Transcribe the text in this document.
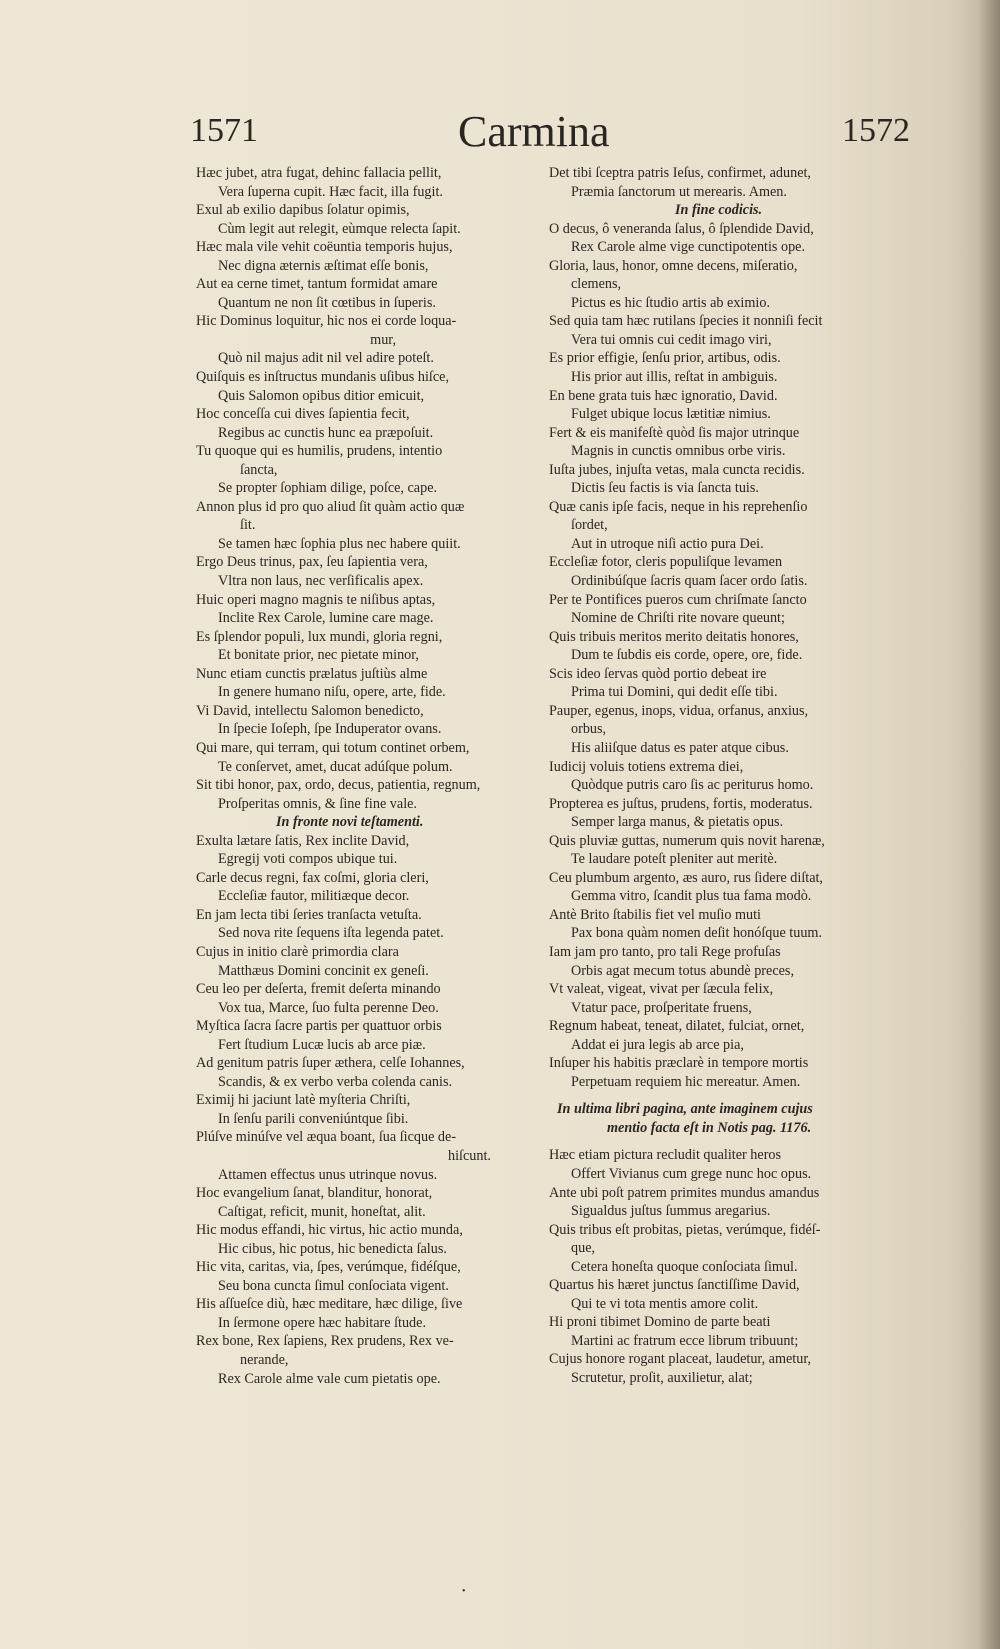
1571	Carmina	1572
Hæc jubet, atra fugat, dehinc fallacia pellit,
Vera ſuperna cupit. Hæc facit, illa fugit.
Exul ab exilio dapibus ſolatur opimis,
Cùm legit aut relegit, eùmque relecta ſapit.
Hæc mala vile vehit coëuntia temporis hujus,
Nec digna æternis æſtimat eſſe bonis,
Aut ea cerne timet, tantum formidat amare
Quantum ne non ſit cœtibus in ſuperis.
Hic Dominus loquitur, hic nos ei corde loqua-
mur,
Quò nil majus adit nil vel adire poteſt.
Quiſquis es inſtructus mundanis uſibus hiſce,
Quis Salomon opibus ditior emicuit,
Hoc conceſſa cui dives ſapientia fecit,
Regibus ac cunctis hunc ea præpoſuit.
Tu quoque qui es humilis, prudens, intentio
ſancta,
Se propter ſophiam dilige, poſce, cape.
Annon plus id pro quo aliud ſit quàm actio quæ
ſit.
Se tamen hæc ſophia plus nec habere quiit.
Ergo Deus trinus, pax, ſeu ſapientia vera,
Vltra non laus, nec verſificalis apex.
Huic operi magno magnis te niſibus aptas,
Inclite Rex Carole, lumine care mage.
Es ſplendor populi, lux mundi, gloria regni,
Et bonitate prior, nec pietate minor,
Nunc etiam cunctis prælatus juſtiùs alme
In genere humano niſu, opere, arte, fide.
Vi David, intellectu Salomon benedicto,
In ſpecie Ioſeph, ſpe Induperator ovans.
Qui mare, qui terram, qui totum continet orbem,
Te conſervet, amet, ducat adúſque polum.
Sit tibi honor, pax, ordo, decus, patientia, regnum,
Proſperitas omnis, & ſine fine vale.
In fronte novi teſtamenti.
Exulta lætare ſatis, Rex inclite David,
Egregij voti compos ubique tui.
Carle decus regni, fax coſmi, gloria cleri,
Eccleſiæ fautor, militiæque decor.
En jam lecta tibi ſeries tranſacta vetuſta.
Sed nova rite ſequens iſta legenda patet.
Cujus in initio clarè primordia clara
Matthæus Domini concinit ex geneſi.
Ceu leo per deſerta, fremit deſerta minando
Vox tua, Marce, ſuo fulta perenne Deo.
Myſtica ſacra ſacre partis per quattuor orbis
Fert ſtudium Lucæ lucis ab arce piæ.
Ad genitum patris ſuper æthera, celſe Iohannes,
Scandis, & ex verbo verba colenda canis.
Eximij hi jaciunt latè myſteria Chriſti,
In ſenſu parili conveniúntque ſibi.
Plúſve minúſve vel æqua boant, ſua ſicque de-
hiſcunt.
Attamen effectus unus utrinque novus.
Hoc evangelium ſanat, blanditur, honorat,
Caſtigat, reficit, munit, honeſtat, alit.
Hic modus effandi, hic virtus, hic actio munda,
Hic cibus, hic potus, hic benedicta ſalus.
Hic vita, caritas, via, ſpes, verúmque, fidéſque,
Seu bona cuncta ſimul conſociata vigent.
His aſſueſce diù, hæc meditare, hæc dilige, ſive
In ſermone opere hæc habitare ſtude.
Rex bone, Rex ſapiens, Rex prudens, Rex ve-
nerande,
Rex Carole alme vale cum pietatis ope.
Det tibi ſceptra patris Ieſus, confirmet, adunet,
Præmia ſanctorum ut merearis. Amen.
In fine codicis.
O decus, ô veneranda ſalus, ô ſplendide David,
Rex Carole alme vige cunctipotentis ope.
Gloria, laus, honor, omne decens, miſeratio,
clemens,
Pictus es hic ſtudio artis ab eximio.
Sed quia tam hæc rutilans ſpecies it nonniſi fecit
Vera tui omnis cui cedit imago viri,
Es prior effigie, ſenſu prior, artibus, odis.
His prior aut illis, reſtat in ambiguis.
En bene grata tuis hæc ignoratio, David.
Fulget ubique locus lætitiæ nimius.
Fert & eis manifeſtè quòd ſis major utrinque
Magnis in cunctis omnibus orbe viris.
Iuſta jubes, injuſta vetas, mala cuncta recidis.
Dictis ſeu factis is via ſancta tuis.
Quæ canis ipſe facis, neque in his reprehenſio
ſordet,
Aut in utroque niſi actio pura Dei.
Eccleſiæ fotor, cleris populiſque levamen
Ordinibúſque ſacris quam ſacer ordo ſatis.
Per te Pontifices pueros cum chriſmate ſancto
Nomine de Chriſti rite novare queunt;
Quis tribuis meritos merito deitatis honores,
Dum te ſubdis eis corde, opere, ore, fide.
Scis ideo ſervas quòd portio debeat ire
Prima tui Domini, qui dedit eſſe tibi.
Pauper, egenus, inops, vidua, orfanus, anxius,
orbus,
His aliiſque datus es pater atque cibus.
Iudicij voluis totiens extrema diei,
Quòdque putris caro ſis ac periturus homo.
Propterea es juſtus, prudens, fortis, moderatus.
Semper larga manus, & pietatis opus.
Quis pluviæ guttas, numerum quis novit harenæ,
Te laudare poteſt pleniter aut meritè.
Ceu plumbum argento, æs auro, rus ſidere diſtat,
Gemma vitro, ſcandit plus tua fama modò.
Antè Brito ſtabilis fiet vel muſio muti
Pax bona quàm nomen deſit honóſque tuum.
Iam jam pro tanto, pro tali Rege profuſas
Orbis agat mecum totus abundè preces,
Vt valeat, vigeat, vivat per ſæcula felix,
Vtatur pace, proſperitate fruens,
Regnum habeat, teneat, dilatet, fulciat, ornet,
Addat ei jura legis ab arce pia,
Inſuper his habitis præclarè in tempore mortis
Perpetuam requiem hic mereatur. Amen.
In ultima libri pagina, ante imaginem cujus
mentio facta eſt in Notis pag. 1176.
Hæc etiam pictura recludit qualiter heros
Offert Vivianus cum grege nunc hoc opus.
Ante ubi poſt patrem primites mundus amandus
Sigualdus juſtus ſummus aregarius.
Quis tribus eſt probitas, pietas, verúmque, fidéſ-
que,
Cetera honeſta quoque conſociata ſimul.
Quartus his hæret junctus ſanctiſſime David,
Qui te vi tota mentis amore colit.
Hi proni tibimet Domino de parte beati
Martini ac fratrum ecce librum tribuunt;
Cujus honore rogant placeat, laudetur, ametur,
Scrutetur, proſit, auxilietur, alat;
•
